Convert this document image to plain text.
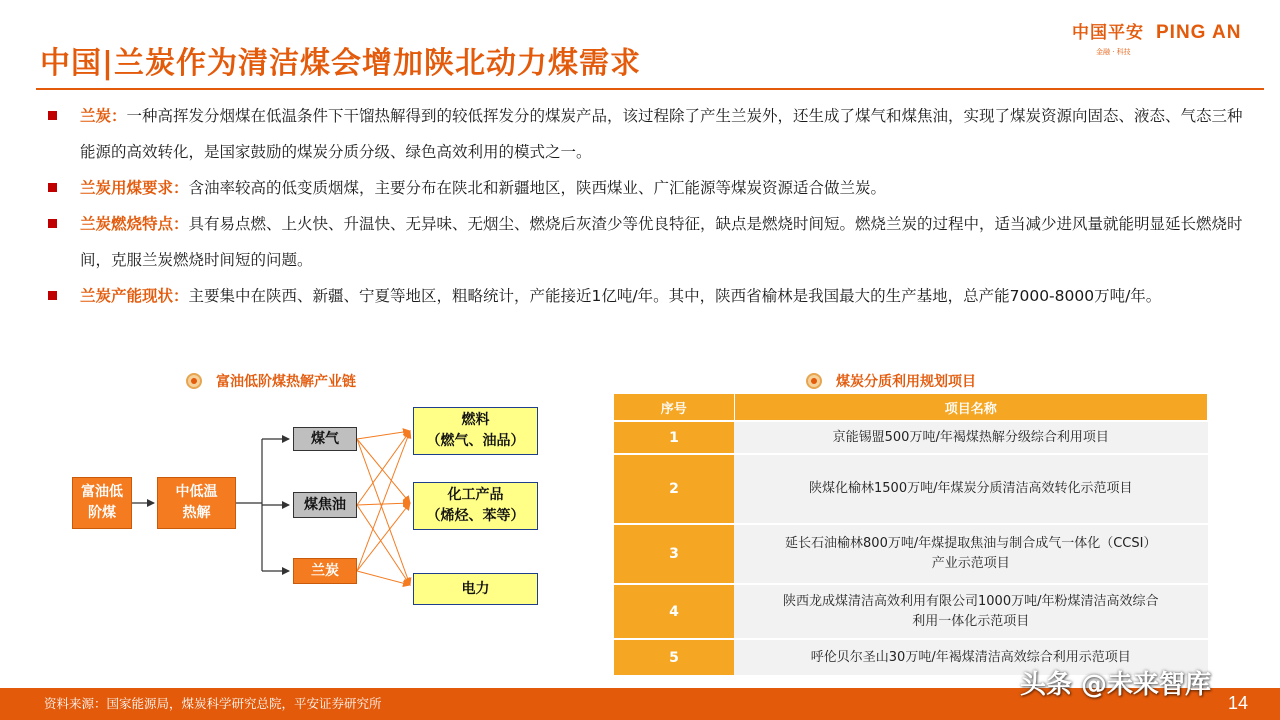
中国|兰炭作为清洁煤会增加陕北动力煤需求
中国平安 PING AN
金融 · 科技
兰炭：一种高挥发分烟煤在低温条件下干馏热解得到的较低挥发分的煤炭产品，该过程除了产生兰炭外，还生成了煤气和煤焦油，实现了煤炭资源向固态、液态、气态三种能源的高效转化，是国家鼓励的煤炭分质分级、绿色高效利用的模式之一。
兰炭用煤要求：含油率较高的低变质烟煤，主要分布在陕北和新疆地区，陕西煤业、广汇能源等煤炭资源适合做兰炭。
兰炭燃烧特点：具有易点燃、上火快、升温快、无异味、无烟尘、燃烧后灰渣少等优良特征，缺点是燃烧时间短。燃烧兰炭的过程中，适当减少进风量就能明显延长燃烧时间，克服兰炭燃烧时间短的问题。
兰炭产能现状：主要集中在陕西、新疆、宁夏等地区，粗略统计，产能接近1亿吨/年。其中，陕西省榆林是我国最大的生产基地，总产能7000-8000万吨/年。
富油低阶煤热解产业链
富油低
阶煤
中低温
热解
煤气
煤焦油
兰炭
燃料
（燃气、油品）
化工产品
（烯烃、苯等）
电力
煤炭分质利用规划项目
序号	项目名称
1	京能锡盟500万吨/年褐煤热解分级综合利用项目
2	陕煤化榆林1500万吨/年煤炭分质清洁高效转化示范项目
3	延长石油榆林800万吨/年煤提取焦油与制合成气一体化（CCSI）
产业示范项目
4	陕西龙成煤清洁高效利用有限公司1000万吨/年粉煤清洁高效综合
利用一体化示范项目
5	呼伦贝尔圣山30万吨/年褐煤清洁高效综合利用示范项目
资料来源：国家能源局，煤炭科学研究总院，平安证券研究所
头条 @未来智库
14
